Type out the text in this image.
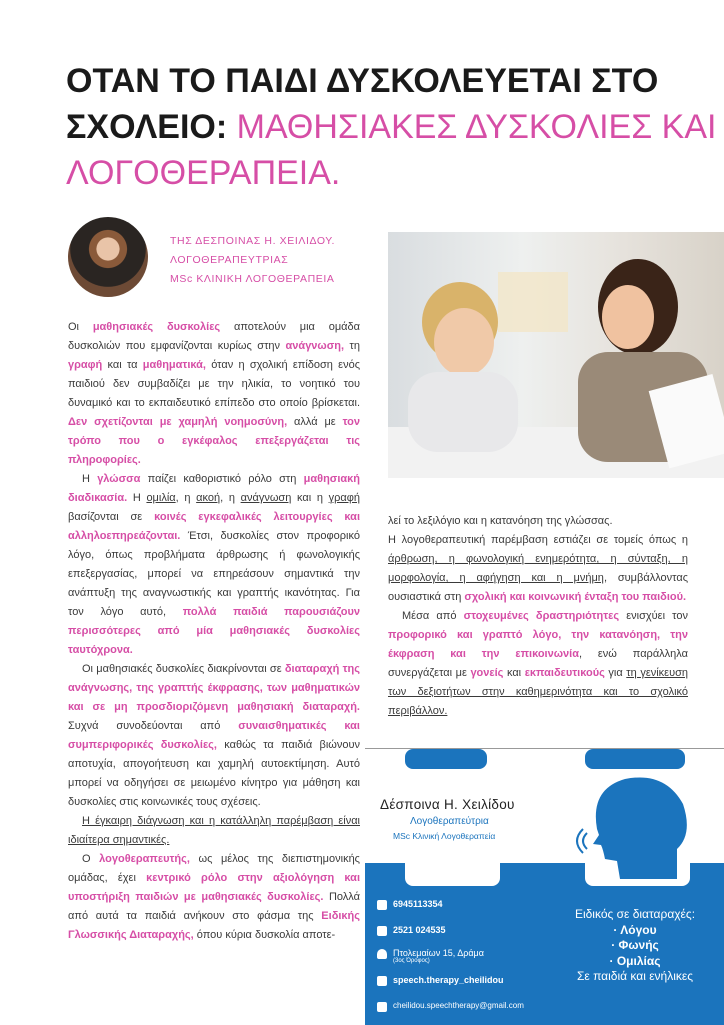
ΟΤΑΝ ΤΟ ΠΑΙΔΙ ΔΥΣΚΟΛΕΥΕΤΑΙ ΣΤΟ ΣΧΟΛΕΙΟ: ΜΑΘΗΣΙΑΚΕΣ ΔΥΣΚΟΛΙΕΣ ΚΑΙ ΛΟΓΟΘΕΡΑΠΕΙΑ.
ΤΗΣ ΔΕΣΠΟΙΝΑΣ Η. ΧΕΙΛΙΔΟΥ.
ΛΟΓΟΘΕΡΑΠΕΥΤΡΙΑΣ
MSc ΚΛΙΝΙΚΗ ΛΟΓΟΘΕΡΑΠΕΙΑ

Οι μαθησιακές δυσκολίες αποτελούν μια ομάδα δυσκολιών που εμφανίζονται κυρίως στην ανάγνωση, τη γραφή και τα μαθηματικά, όταν η σχολική επίδοση ενός παιδιού δεν συμβαδίζει με την ηλικία, το νοητικό του δυναμικό και το εκπαιδευτικό επίπεδο στο οποίο βρίσκεται. Δεν σχετίζονται με χαμηλή νοημοσύνη, αλλά με τον τρόπο που ο εγκέφαλος επεξεργάζεται τις πληροφορίες.

Η γλώσσα παίζει καθοριστικό ρόλο στη μαθησιακή διαδικασία. Η ομιλία, η ακοή, η ανάγνωση και η γραφή βασίζονται σε κοινές εγκεφαλικές λειτουργίες και αλληλοεπηρεάζονται. Έτσι, δυσκολίες στον προφορικό λόγο, όπως προβλήματα άρθρωσης ή φωνολογικής επεξεργασίας, μπορεί να επηρεάσουν σημαντικά την ανάπτυξη της αναγνωστικής και γραπτής ικανότητας. Για τον λόγο αυτό, πολλά παιδιά παρουσιάζουν περισσότερες από μία μαθησιακές δυσκολίες ταυτόχρονα.

Οι μαθησιακές δυσκολίες διακρίνονται σε διαταραχή της ανάγνωσης, της γραπτής έκφρασης, των μαθηματικών και σε μη προσδιοριζόμενη μαθησιακή διαταραχή. Συχνά συνοδεύονται από συναισθηματικές και συμπεριφορικές δυσκολίες, καθώς τα παιδιά βιώνουν αποτυχία, απογοήτευση και χαμηλή αυτοεκτίμηση. Αυτό μπορεί να οδηγήσει σε μειωμένο κίνητρο για μάθηση και δυσκολίες στις κοινωνικές τους σχέσεις.

Η έγκαιρη διάγνωση και η κατάλληλη παρέμβαση είναι ιδιαίτερα σημαντικές.

Ο λογοθεραπευτής, ως μέλος της διεπιστημονικής ομάδας, έχει κεντρικό ρόλο στην αξιολόγηση και υποστήριξη παιδιών με μαθησιακές δυσκολίες. Πολλά από αυτά τα παιδιά ανήκουν στο φάσμα της Ειδικής Γλωσσικής Διαταραχής, όπου κύρια δυσκολία αποτε-

λεί το λεξιλόγιο και η κατανόηση της γλώσσας.

Η λογοθεραπευτική παρέμβαση εστιάζει σε τομείς όπως η άρθρωση, η φωνολογική ενημερότητα, η σύνταξη, η μορφολογία, η αφήγηση και η μνήμη, συμβάλλοντας ουσιαστικά στη σχολική και κοινωνική ένταξη του παιδιού.

Μέσα από στοχευμένες δραστηριότητες ενισχύει τον προφορικό και γραπτό λόγο, την κατανόηση, την έκφραση και την επικοινωνία, ενώ παράλληλα συνεργάζεται με γονείς και εκπαιδευτικούς για τη γενίκευση των δεξιοτήτων στην καθημερινότητα και το σχολικό περιβάλλον.

Δέσποινα Η. Χειλίδου
Λογοθεραπεύτρια
MSc Κλινική Λογοθεραπεία
6945113354
2521 024535
Πτολεμαίων 15, Δράμα
(3ος Όροφος)
speech.therapy_cheilidou
cheilidou.speechtherapy@gmail.com
Ειδικός σε διαταραχές:
· Λόγου
· Φωνής
· Ομιλίας
Σε παιδιά και ενήλικες
